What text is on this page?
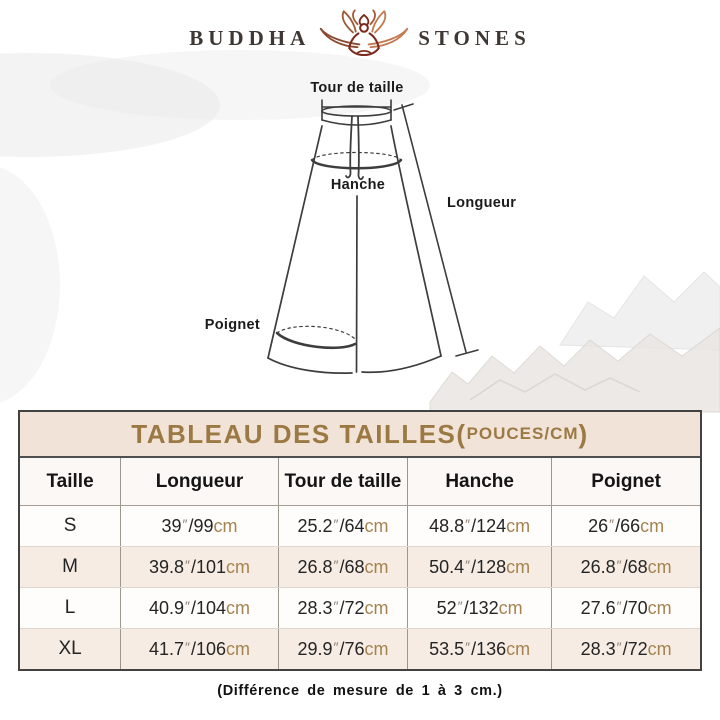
BUDDHA	STONES
Tour de taille
Hanche
Longueur
Poignet
TABLEAU DES TAILLES ( POUCES/CM )
Taille	Longueur	Tour de taille	Hanche	Poignet
S	39″/99cm	25.2″/64cm	48.8″/124cm	26″/66cm
M	39.8″/101cm	26.8″/68cm	50.4″/128cm	26.8″/68cm
L	40.9″/104cm	28.3″/72cm	52″/132cm	27.6″/70cm
XL	41.7″/106cm	29.9″/76cm	53.5″/136cm	28.3″/72cm
(Différence de mesure de 1 à 3 cm.)
